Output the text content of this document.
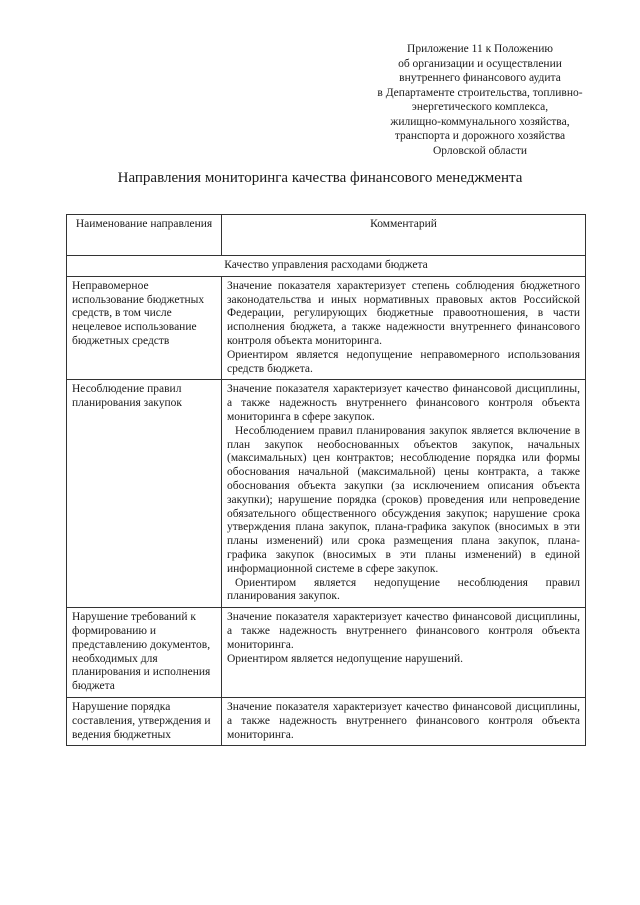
Приложение 11 к Положению
об организации и осуществлении
внутреннего финансового аудита
в Департаменте строительства, топливно-
энергетического комплекса,
жилищно-коммунального хозяйства,
транспорта и дорожного хозяйства
Орловской области
Направления мониторинга качества финансового менеджмента
Наименование направления	Комментарий
Качество управления расходами бюджета	
Неправомерное использование бюджетных средств, в том числе нецелевое использование бюджетных средств	Значение показателя характеризует степень соблюдения бюджетного законодательства и иных нормативных правовых актов Российской Федерации, регулирующих бюджетные правоотношения, в части исполнения бюджета, а также надежности внутреннего финансового контроля объекта мониторинга.

Ориентиром является недопущение неправомерного использования средств бюджета.

Несоблюдение правил планирования закупок	Значение показателя характеризует качество финансовой дисциплины, а также надежность внутреннего финансового контроля объекта мониторинга в сфере закупок.

Несоблюдением правил планирования закупок является включение в план закупок необоснованных объектов закупок, начальных (максимальных) цен контрактов; несоблюдение порядка или формы обоснования начальной (максимальной) цены контракта, а также обоснования объекта закупки (за исключением описания объекта закупки); нарушение порядка (сроков) проведения или непроведение обязательного общественного обсуждения закупок; нарушение срока утверждения плана закупок, плана-графика закупок (вносимых в эти планы изменений) или срока размещения плана закупок, плана-графика закупок (вносимых в эти планы изменений) в единой информационной системе в сфере закупок.

Ориентиром является недопущение несоблюдения правил планирования закупок.

Нарушение требований к формированию и представлению документов, необходимых для планирования и исполнения бюджета	Значение показателя характеризует качество финансовой дисциплины, а также надежность внутреннего финансового контроля объекта мониторинга.

Ориентиром является недопущение нарушений.

Нарушение порядка составления, утверждения и ведения бюджетных	Значение показателя характеризует качество финансовой дисциплины, а также надежность внутреннего финансового контроля объекта мониторинга.
